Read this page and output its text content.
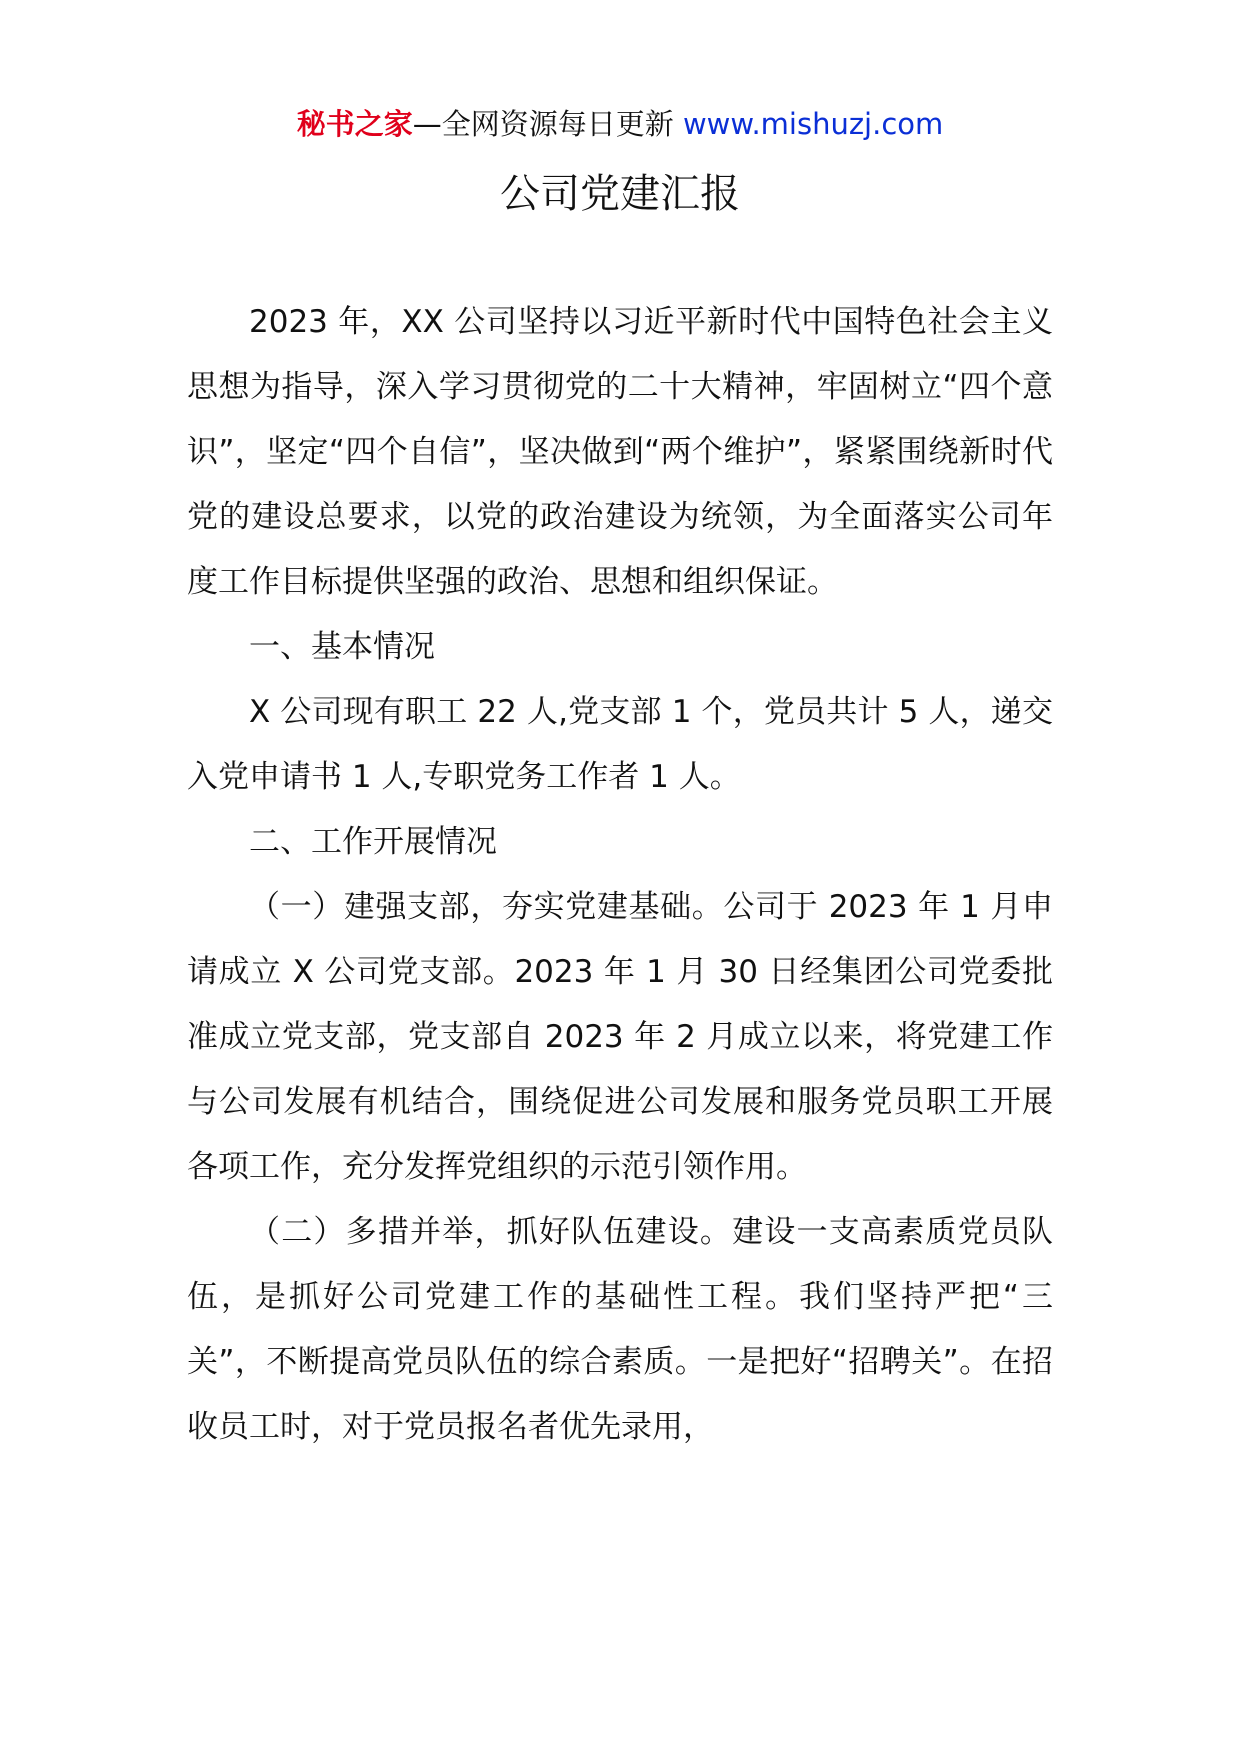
秘书之家—全网资源每日更新 www.mishuzj.com
公司党建汇报

2023 年，XX 公司坚持以习近平新时代中国特色社会主义思想为指导，深入学习贯彻党的二十大精神，牢固树立“四个意识”，坚定“四个自信”，坚决做到“两个维护”，紧紧围绕新时代党的建设总要求，以党的政治建设为统领，为全面落实公司年度工作目标提供坚强的政治、思想和组织保证。

一、基本情况

X 公司现有职工 22 人,党支部 1 个，党员共计 5 人，递交入党申请书 1 人,专职党务工作者 1 人。

二、工作开展情况

（一）建强支部，夯实党建基础。公司于 2023 年 1 月申请成立 X 公司党支部。2023 年 1 月 30 日经集团公司党委批准成立党支部，党支部自 2023 年 2 月成立以来，将党建工作与公司发展有机结合，围绕促进公司发展和服务党员职工开展各项工作，充分发挥党组织的示范引领作用。

（二）多措并举，抓好队伍建设。建设一支高素质党员队伍，是抓好公司党建工作的基础性工程。我们坚持严把“三关”，不断提高党员队伍的综合素质。一是把好“招聘关”。在招收员工时，对于党员报名者优先录用，
